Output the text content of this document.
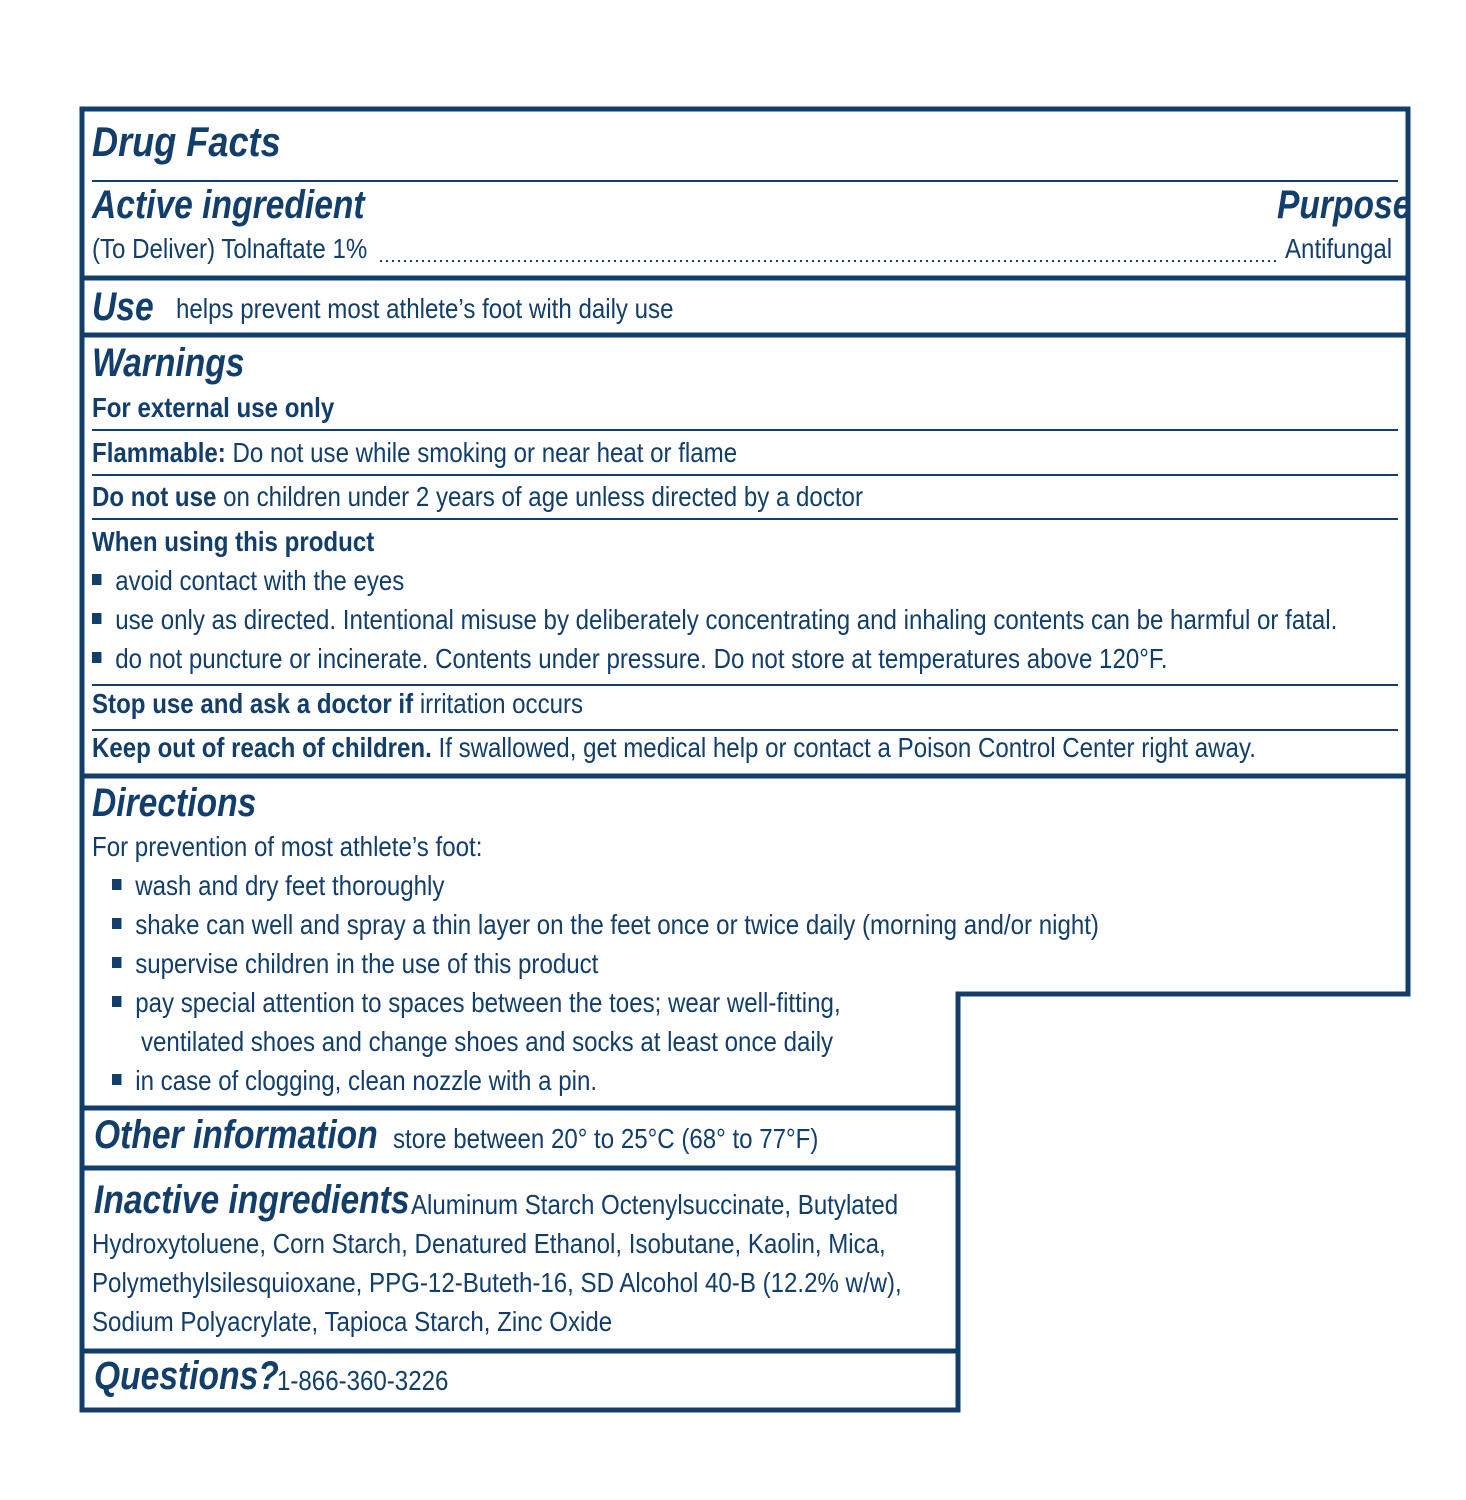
Drug Facts
Active ingredient	Purpose
(To Deliver) Tolnaftate 1%	Antifungal
Use helps prevent most athlete’s foot with daily use
Warnings
For external use only
Flammable: Do not use while smoking or near heat or flame
Do not use on children under 2 years of age unless directed by a doctor
When using this product
avoid contact with the eyes
use only as directed. Intentional misuse by deliberately concentrating and inhaling contents can be harmful or fatal.
do not puncture or incinerate. Contents under pressure. Do not store at temperatures above 120°F.
Stop use and ask a doctor if irritation occurs
Keep out of reach of children. If swallowed, get medical help or contact a Poison Control Center right away.
Directions
For prevention of most athlete’s foot:
wash and dry feet thoroughly
shake can well and spray a thin layer on the feet once or twice daily (morning and/or night)
supervise children in the use of this product
pay special attention to spaces between the toes; wear well-fitting,
ventilated shoes and change shoes and socks at least once daily
in case of clogging, clean nozzle with a pin.
Other information store between 20° to 25°C (68° to 77°F)
Inactive ingredients Aluminum Starch Octenylsuccinate, Butylated
Hydroxytoluene, Corn Starch, Denatured Ethanol, Isobutane, Kaolin, Mica,
Polymethylsilesquioxane, PPG-12-Buteth-16, SD Alcohol 40-B (12.2% w/w),
Sodium Polyacrylate, Tapioca Starch, Zinc Oxide
Questions?
1-866-360-3226
